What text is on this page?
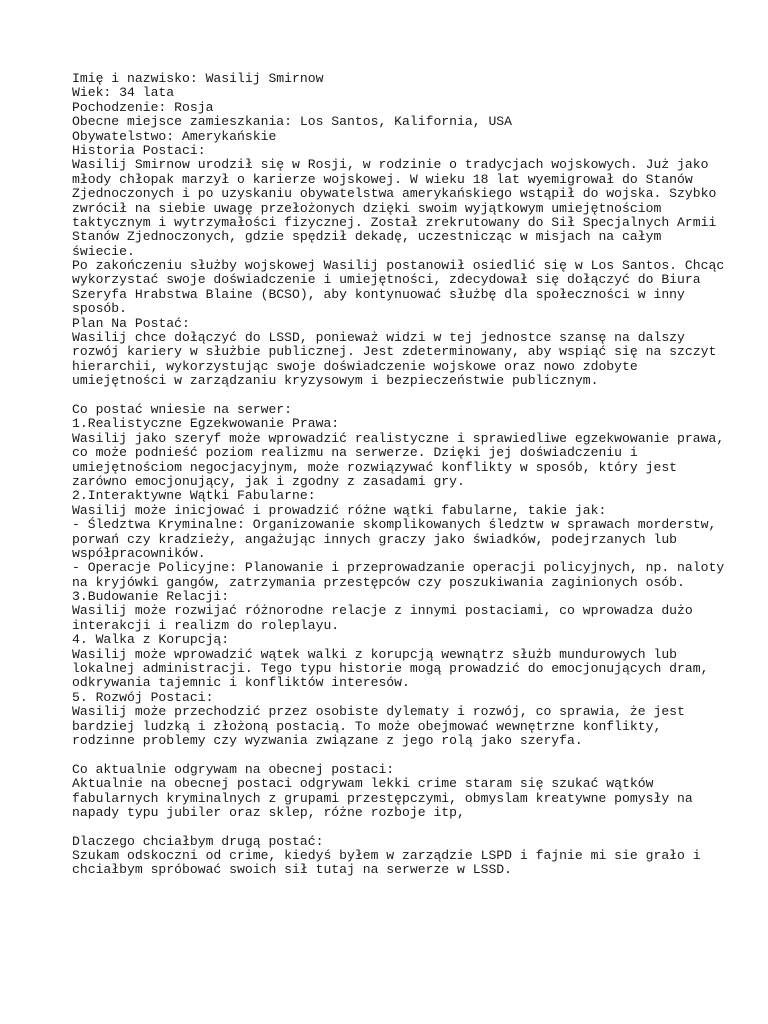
Imię i nazwisko: Wasilij Smirnow
Wiek: 34 lata
Pochodzenie: Rosja
Obecne miejsce zamieszkania: Los Santos, Kalifornia, USA
Obywatelstwo: Amerykańskie
Historia Postaci:
Wasilij Smirnow urodził się w Rosji, w rodzinie o tradycjach wojskowych. Już jako
młody chłopak marzył o karierze wojskowej. W wieku 18 lat wyemigrował do Stanów
Zjednoczonych i po uzyskaniu obywatelstwa amerykańskiego wstąpił do wojska. Szybko
zwrócił na siebie uwagę przełożonych dzięki swoim wyjątkowym umiejętnościom
taktycznym i wytrzymałości fizycznej. Został zrekrutowany do Sił Specjalnych Armii
Stanów Zjednoczonych, gdzie spędził dekadę, uczestnicząc w misjach na całym
świecie.
Po zakończeniu służby wojskowej Wasilij postanowił osiedlić się w Los Santos. Chcąc
wykorzystać swoje doświadczenie i umiejętności, zdecydował się dołączyć do Biura
Szeryfa Hrabstwa Blaine (BCSO), aby kontynuować służbę dla społeczności w inny
sposób.
Plan Na Postać:
Wasilij chce dołączyć do LSSD, ponieważ widzi w tej jednostce szansę na dalszy
rozwój kariery w służbie publicznej. Jest zdeterminowany, aby wspiąć się na szczyt
hierarchii, wykorzystując swoje doświadczenie wojskowe oraz nowo zdobyte
umiejętności w zarządzaniu kryzysowym i bezpieczeństwie publicznym.
Co postać wniesie na serwer:
1.Realistyczne Egzekwowanie Prawa:
Wasilij jako szeryf może wprowadzić realistyczne i sprawiedliwe egzekwowanie prawa,
co może podnieść poziom realizmu na serwerze. Dzięki jej doświadczeniu i
umiejętnościom negocjacyjnym, może rozwiązywać konflikty w sposób, który jest
zarówno emocjonujący, jak i zgodny z zasadami gry.
2.Interaktywne Wątki Fabularne:
Wasilij może inicjować i prowadzić różne wątki fabularne, takie jak:
- Śledztwa Kryminalne: Organizowanie skomplikowanych śledztw w sprawach morderstw,
porwań czy kradzieży, angażując innych graczy jako świadków, podejrzanych lub
współpracowników.
- Operacje Policyjne: Planowanie i przeprowadzanie operacji policyjnych, np. naloty
na kryjówki gangów, zatrzymania przestępców czy poszukiwania zaginionych osób.
3.Budowanie Relacji:
Wasilij może rozwijać różnorodne relacje z innymi postaciami, co wprowadza dużo
interakcji i realizm do roleplayu.
4. Walka z Korupcją:
Wasilij może wprowadzić wątek walki z korupcją wewnątrz służb mundurowych lub
lokalnej administracji. Tego typu historie mogą prowadzić do emocjonujących dram,
odkrywania tajemnic i konfliktów interesów.
5. Rozwój Postaci:
Wasilij może przechodzić przez osobiste dylematy i rozwój, co sprawia, że jest
bardziej ludzką i złożoną postacią. To może obejmować wewnętrzne konflikty,
rodzinne problemy czy wyzwania związane z jego rolą jako szeryfa.
Co aktualnie odgrywam na obecnej postaci:
Aktualnie na obecnej postaci odgrywam lekki crime staram się szukać wątków
fabularnych kryminalnych z grupami przestępczymi, obmyslam kreatywne pomysły na
napady typu jubiler oraz sklep, różne rozboje itp,
Dlaczego chciałbym drugą postać:
Szukam odskoczni od crime, kiedyś byłem w zarządzie LSPD i fajnie mi sie grało i
chciałbym spróbować swoich sił tutaj na serwerze w LSSD.
